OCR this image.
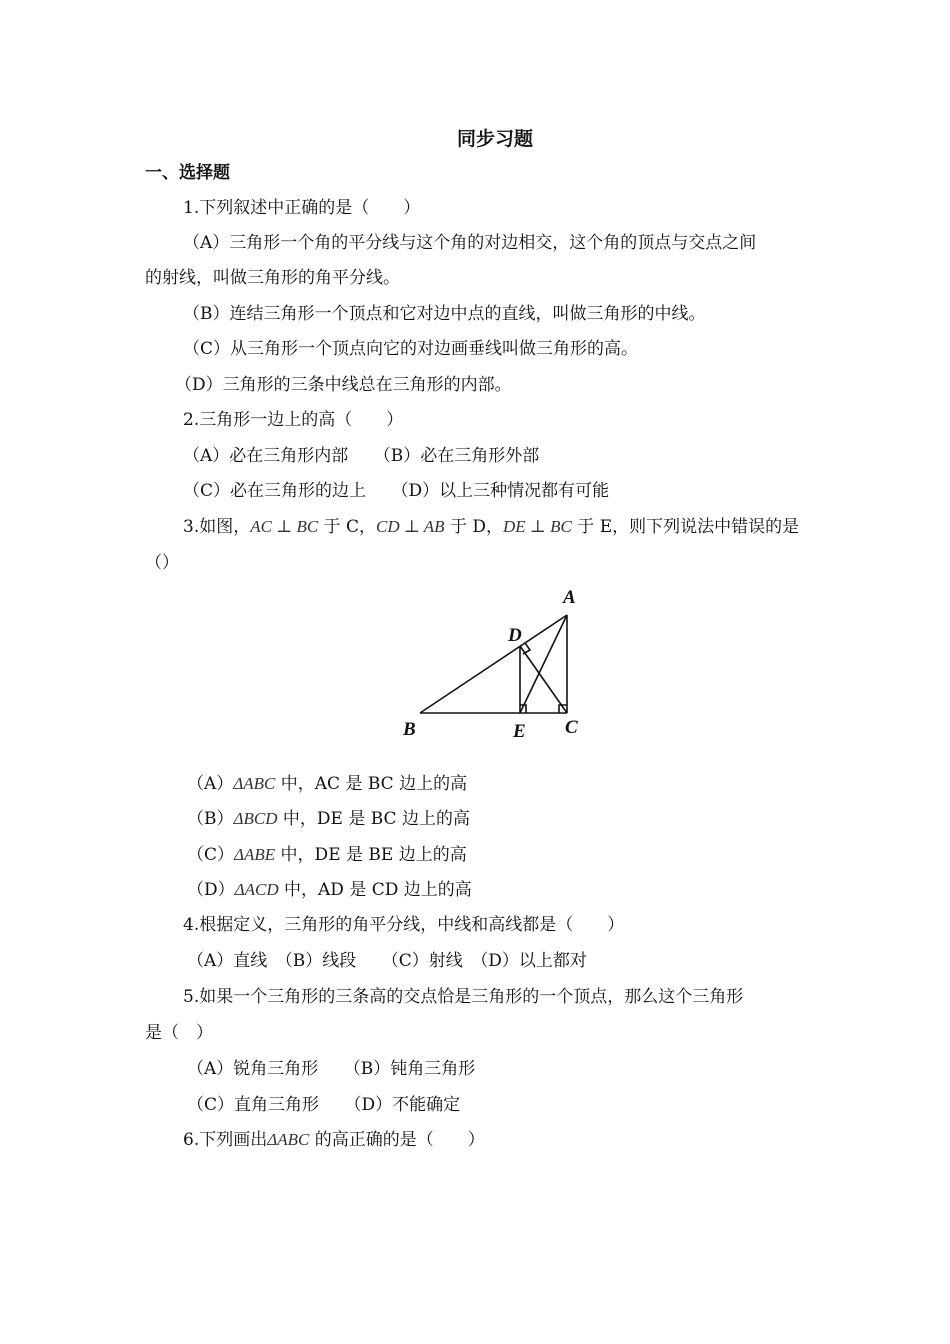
同步习题
一、选择题
1.下列叙述中正确的是（　　）
（A）三角形一个角的平分线与这个角的对边相交，这个角的顶点与交点之间
的射线，叫做三角形的角平分线。
（B）连结三角形一个顶点和它对边中点的直线，叫做三角形的中线。
（C）从三角形一个顶点向它的对边画垂线叫做三角形的高。
（D）三角形的三条中线总在三角形的内部。
2.三角形一边上的高（　　）
（A）必在三角形内部　　（B）必在三角形外部
（C）必在三角形的边上　　（D）以上三种情况都有可能
3.如图，AC ⊥ BC 于 C，CD ⊥ AB 于 D，DE ⊥ BC 于 E，则下列说法中错误的是
（）
A
B	C
D
E
（A）ΔABC 中，AC 是 BC 边上的高
（B）ΔBCD 中，DE 是 BC 边上的高
（C）ΔABE 中，DE 是 BE 边上的高
（D）ΔACD 中，AD 是 CD 边上的高
4.根据定义，三角形的角平分线，中线和高线都是（　　）
（A）直线　（B）线段　　（C）射线　（D）以上都对
5.如果一个三角形的三条高的交点恰是三角形的一个顶点，那么这个三角形
是（　）
（A）锐角三角形　　（B）钝角三角形
（C）直角三角形　　（D）不能确定
6.下列画出ΔABC 的高正确的是（　　）
